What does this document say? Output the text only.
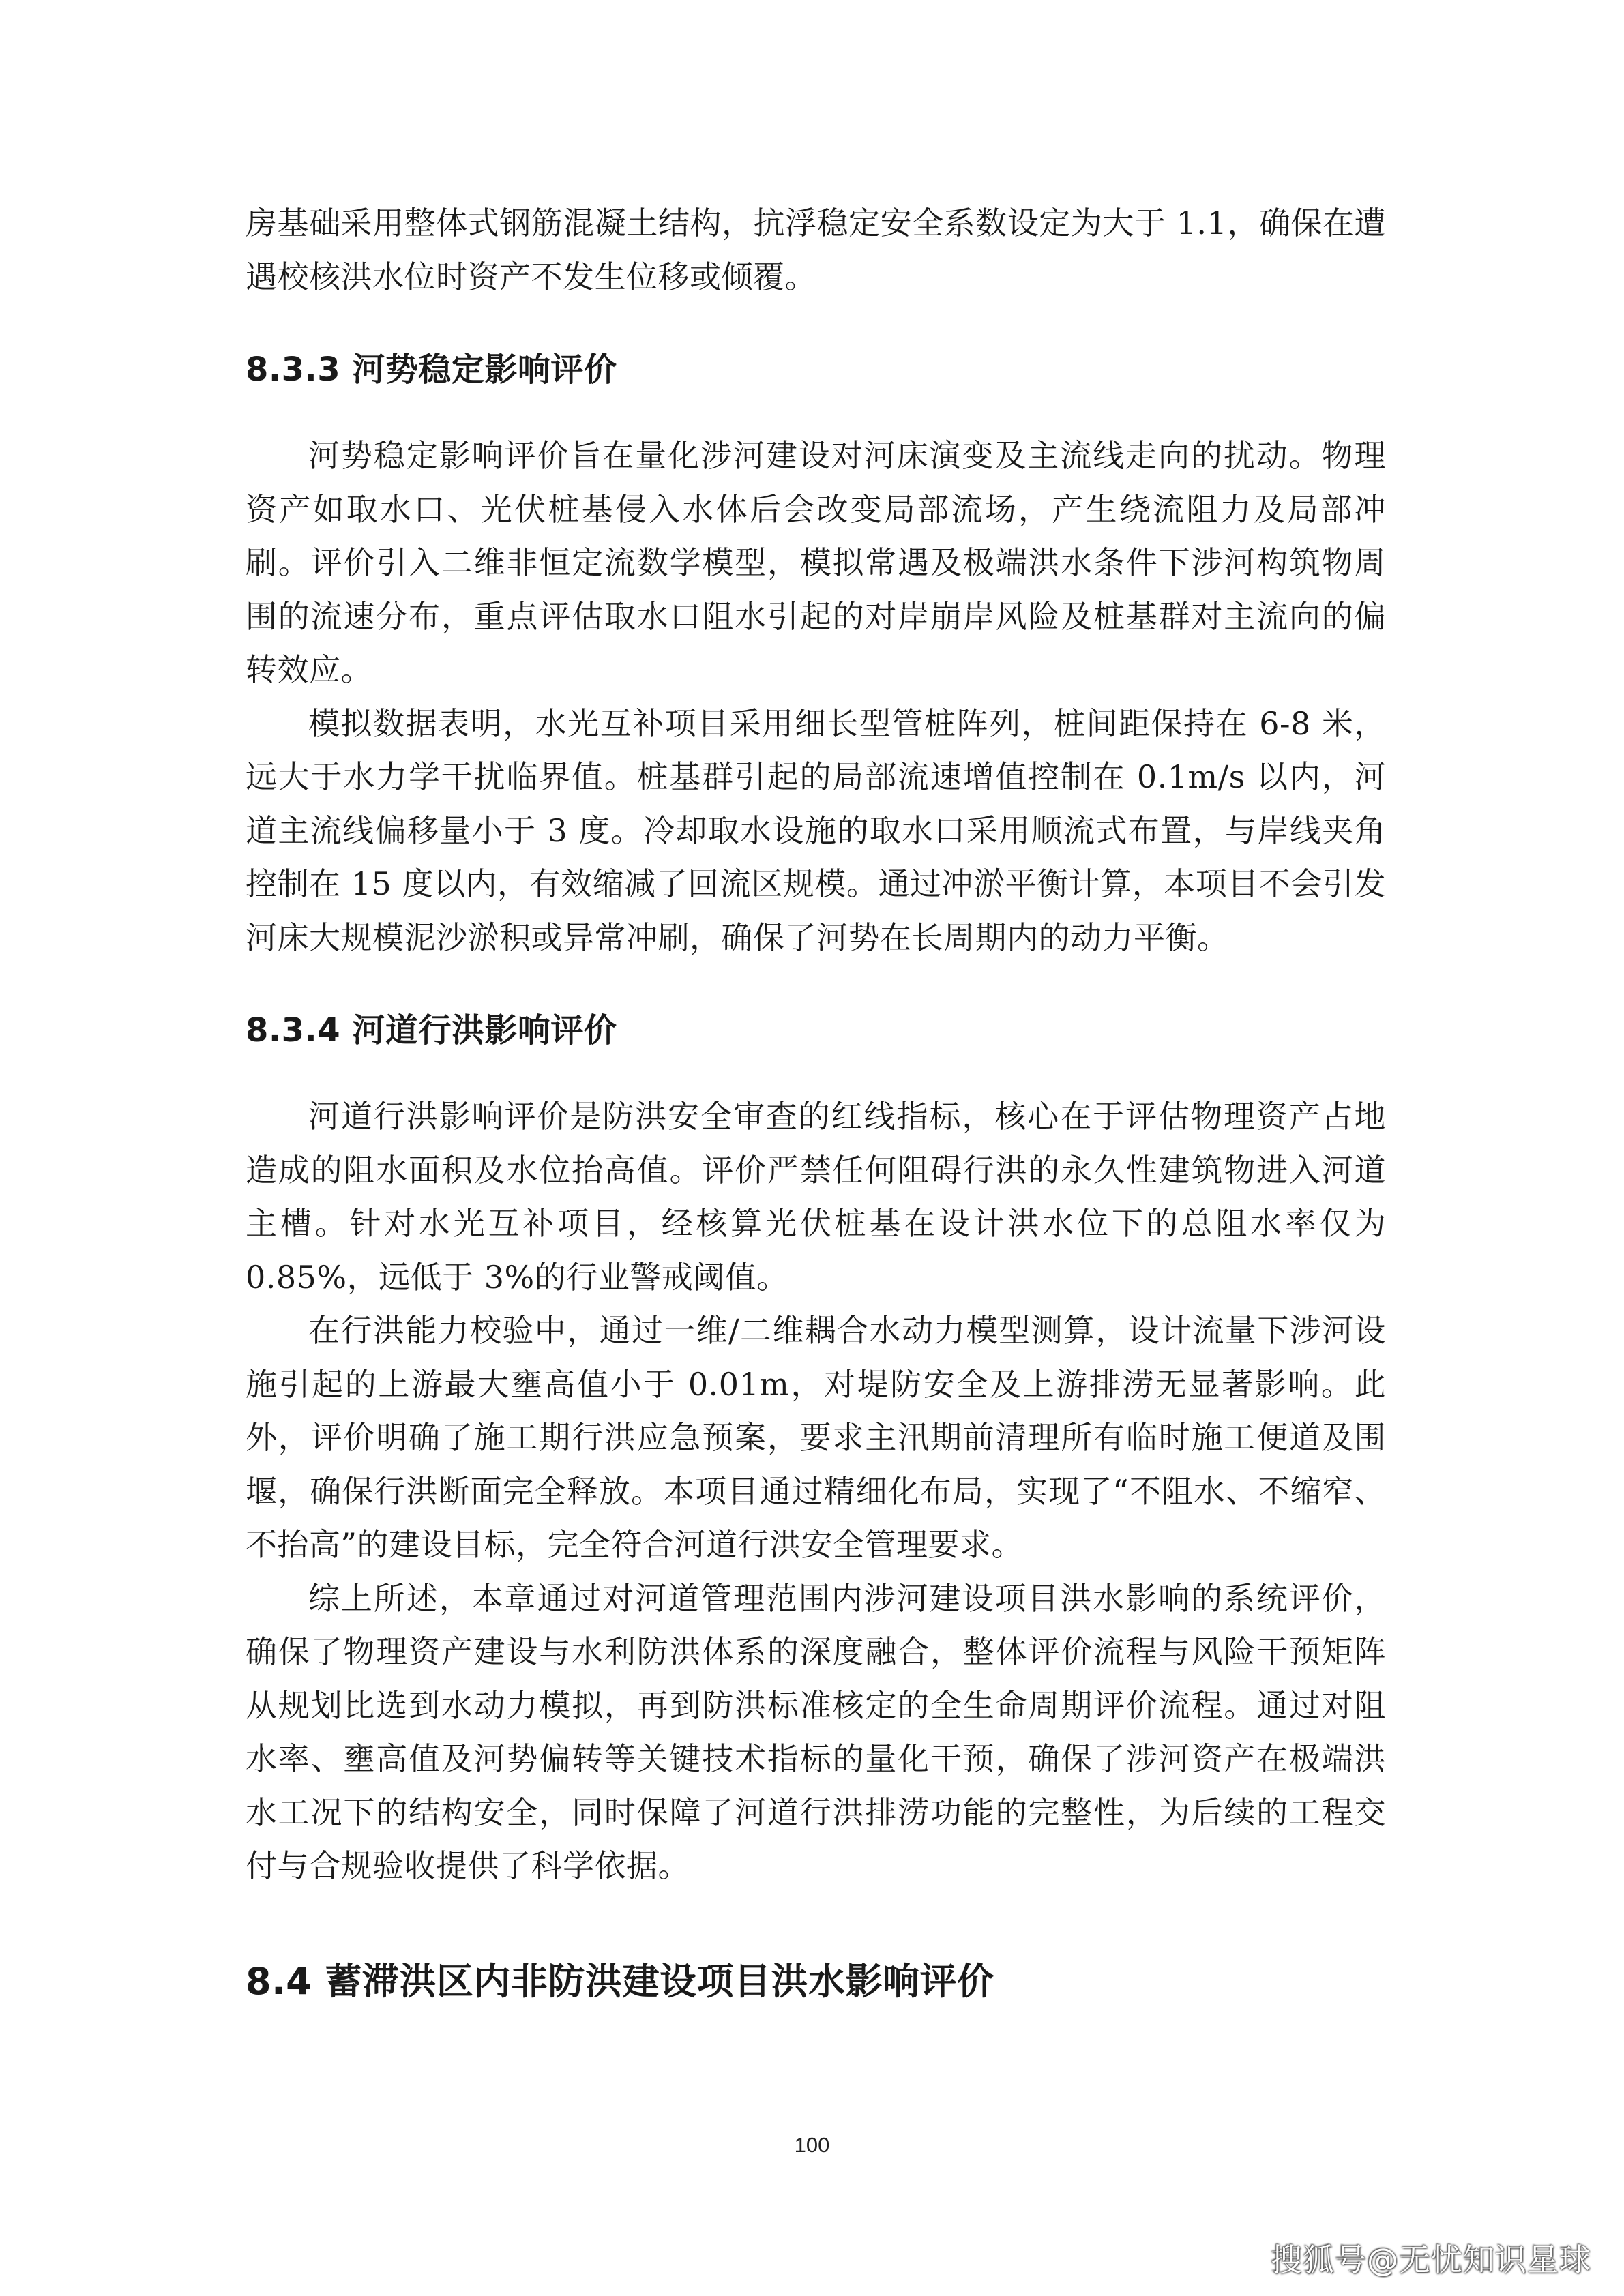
房基础采用整体式钢筋混凝土结构，抗浮稳定安全系数设定为大于 1.1，确保在遭遇校核洪水位时资产不发生位移或倾覆。

8.3.3 河势稳定影响评价

河势稳定影响评价旨在量化涉河建设对河床演变及主流线走向的扰动。物理资产如取水口、光伏桩基侵入水体后会改变局部流场，产生绕流阻力及局部冲刷。评价引入二维非恒定流数学模型，模拟常遇及极端洪水条件下涉河构筑物周围的流速分布，重点评估取水口阻水引起的对岸崩岸风险及桩基群对主流向的偏转效应。

模拟数据表明，水光互补项目采用细长型管桩阵列，桩间距保持在 6-8 米，远大于水力学干扰临界值。桩基群引起的局部流速增值控制在 0.1m/s 以内，河道主流线偏移量小于 3 度。冷却取水设施的取水口采用顺流式布置，与岸线夹角控制在 15 度以内，有效缩减了回流区规模。通过冲淤平衡计算，本项目不会引发河床大规模泥沙淤积或异常冲刷，确保了河势在长周期内的动力平衡。

8.3.4 河道行洪影响评价

河道行洪影响评价是防洪安全审查的红线指标，核心在于评估物理资产占地造成的阻水面积及水位抬高值。评价严禁任何阻碍行洪的永久性建筑物进入河道主槽。针对水光互补项目，经核算光伏桩基在设计洪水位下的总阻水率仅为 0.85%，远低于 3%的行业警戒阈值。

在行洪能力校验中，通过一维/二维耦合水动力模型测算，设计流量下涉河设施引起的上游最大壅高值小于 0.01m，对堤防安全及上游排涝无显著影响。此外，评价明确了施工期行洪应急预案，要求主汛期前清理所有临时施工便道及围堰，确保行洪断面完全释放。本项目通过精细化布局，实现了“不阻水、不缩窄、不抬高”的建设目标，完全符合河道行洪安全管理要求。

综上所述，本章通过对河道管理范围内涉河建设项目洪水影响的系统评价，确保了物理资产建设与水利防洪体系的深度融合，整体评价流程与风险干预矩阵从规划比选到水动力模拟，再到防洪标准核定的全生命周期评价流程。通过对阻水率、壅高值及河势偏转等关键技术指标的量化干预，确保了涉河资产在极端洪水工况下的结构安全，同时保障了河道行洪排涝功能的完整性，为后续的工程交付与合规验收提供了科学依据。

8.4 蓄滞洪区内非防洪建设项目洪水影响评价
100
搜狐号@无忧知识星球
